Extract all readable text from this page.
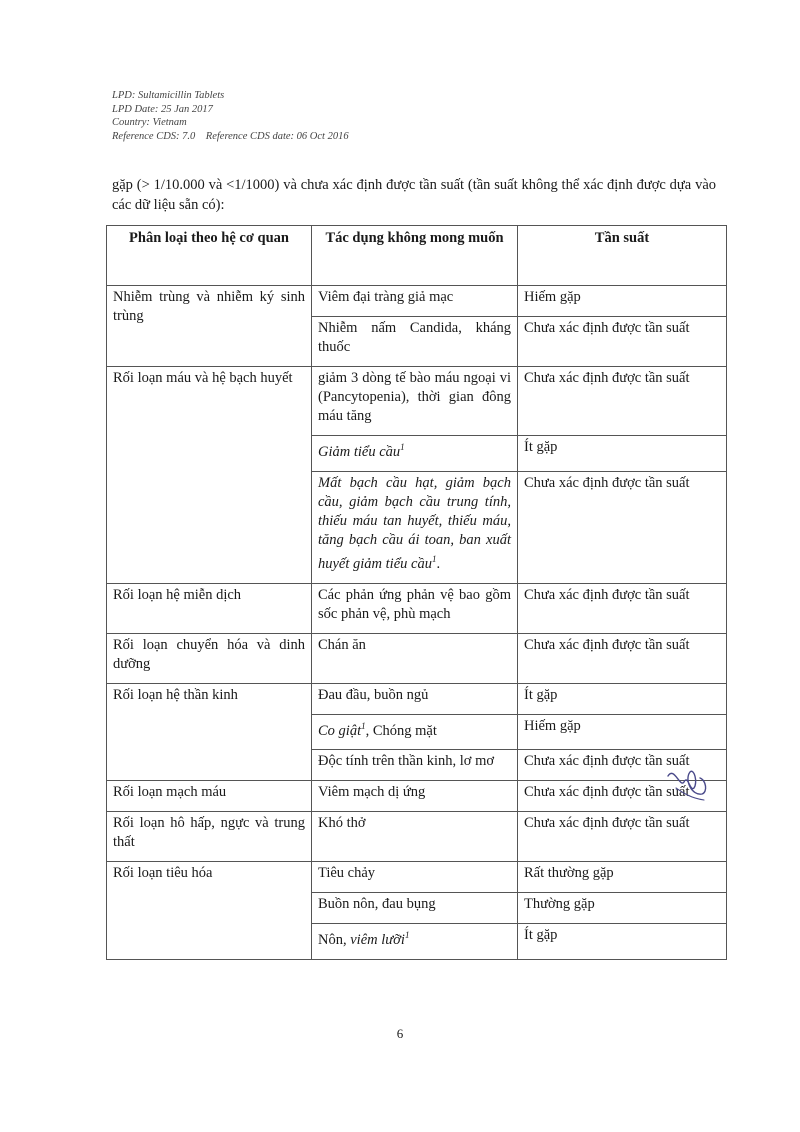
LPD: Sultamicillin Tablets
LPD Date: 25 Jan 2017
Country: Vietnam
Reference CDS: 7.0    Reference CDS date: 06 Oct 2016
gặp (> 1/10.000 và <1/1000) và chưa xác định được tần suất (tần suất không thể xác định được dựa vào các dữ liệu sẵn có):
Phân loại theo hệ cơ quan	Tác dụng không mong muốn	Tần suất
Nhiễm trùng và nhiễm ký sinh trùng	Viêm đại tràng giả mạc	Hiếm gặp
	Nhiễm nấm Candida, kháng thuốc	Chưa xác định được tần suất
Rối loạn máu và hệ bạch huyết	giảm 3 dòng tế bào máu ngoại vi (Pancytopenia), thời gian đông máu tăng	Chưa xác định được tần suất
	Giảm tiểu cầu$^1$	Ít gặp
	Mất bạch cầu hạt, giảm bạch cầu, giảm bạch cầu trung tính, thiếu máu tan huyết, thiếu máu, tăng bạch cầu ái toan, ban xuất huyết giảm tiểu cầu$^1$.	Chưa xác định được tần suất
Rối loạn hệ miễn dịch	Các phản ứng phản vệ bao gồm sốc phản vệ, phù mạch	Chưa xác định được tần suất
Rối loạn chuyển hóa và dinh dưỡng	Chán ăn	Chưa xác định được tần suất
Rối loạn hệ thần kinh	Đau đầu, buồn ngủ	Ít gặp
	Co giật$^1$, Chóng mặt	Hiếm gặp
	Độc tính trên thần kinh, lơ mơ	Chưa xác định được tần suất
Rối loạn mạch máu	Viêm mạch dị ứng	Chưa xác định được tần suất
Rối loạn hô hấp, ngực và trung thất	Khó thở	Chưa xác định được tần suất
Rối loạn tiêu hóa	Tiêu chảy	Rất thường gặp
	Buồn nôn, đau bụng	Thường gặp
	Nôn, viêm lưỡi$^1$	Ít gặp
6
